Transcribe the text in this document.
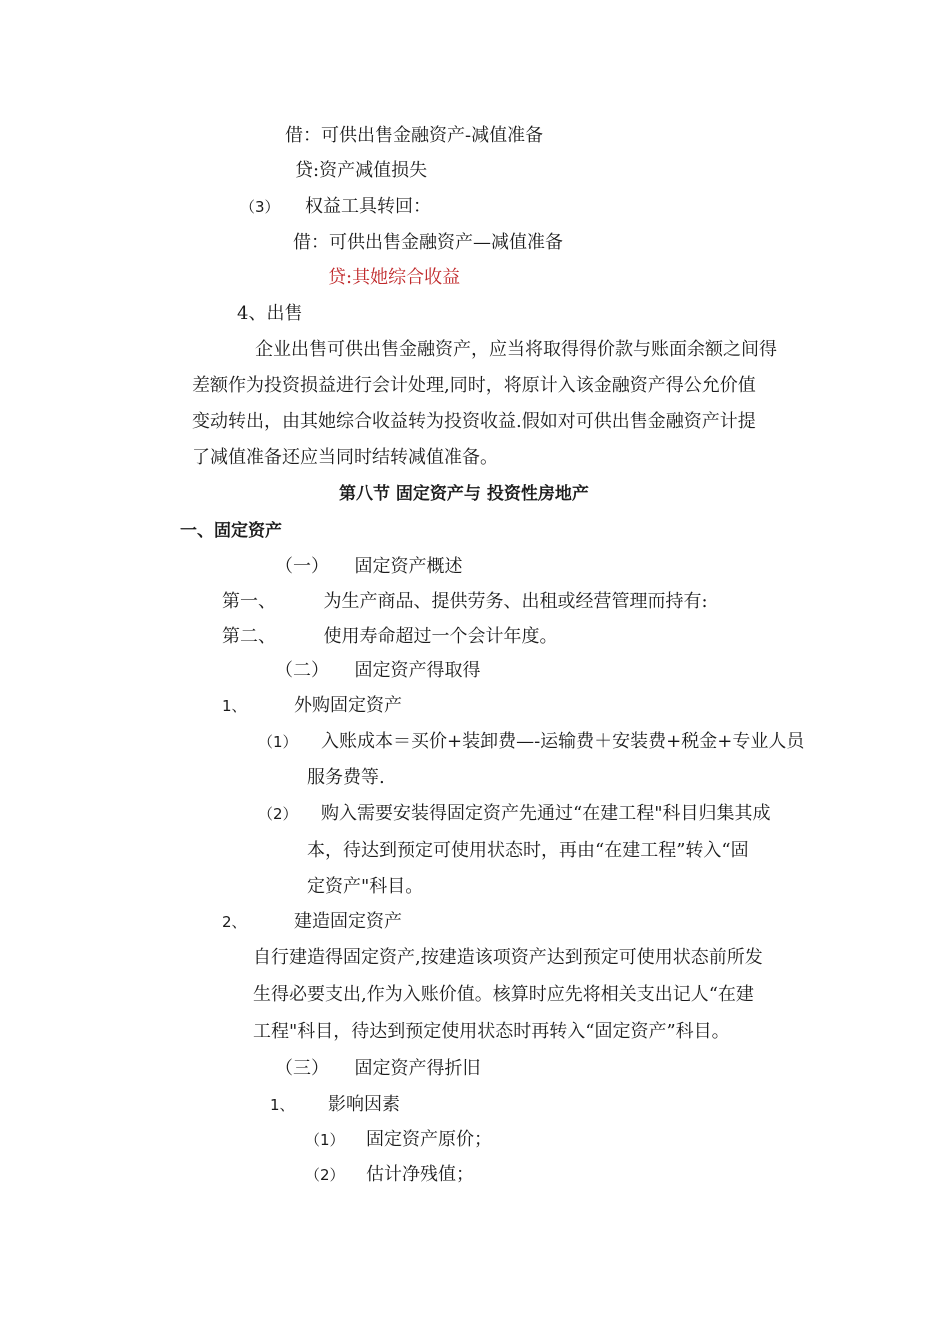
借：可供出售金融资产-减值准备
贷:资产减值损失
（3） 权益工具转回：
借：可供出售金融资产—减值准备
贷:其她综合收益
4、出售
企业出售可供出售金融资产，应当将取得得价款与账面余额之间得
差额作为投资损益进行会计处理,同时，将原计入该金融资产得公允价值
变动转出，由其她综合收益转为投资收益.假如对可供出售金融资产计提
了减值准备还应当同时结转减值准备。
第八节 固定资产与 投资性房地产
一、固定资产
（一） 固定资产概述
第一、	为生产商品、提供劳务、出租或经营管理而持有:
第二、	使用寿命超过一个会计年度。
（二） 固定资产得取得
1、	外购固定资产
（1） 入账成本＝买价+装卸费—-运输费＋安装费+税金+专业人员
服务费等.
（2） 购入需要安装得固定资产先通过“在建工程"科目归集其成
本，待达到预定可使用状态时，再由“在建工程”转入“固
定资产"科目。
2、	建造固定资产
自行建造得固定资产,按建造该项资产达到预定可使用状态前所发
生得必要支出,作为入账价值。核算时应先将相关支出记人“在建
工程"科目，待达到预定使用状态时再转入“固定资产”科目。
（三） 固定资产得折旧
1、 影响因素
（1） 固定资产原价；
（2） 估计净残值；
